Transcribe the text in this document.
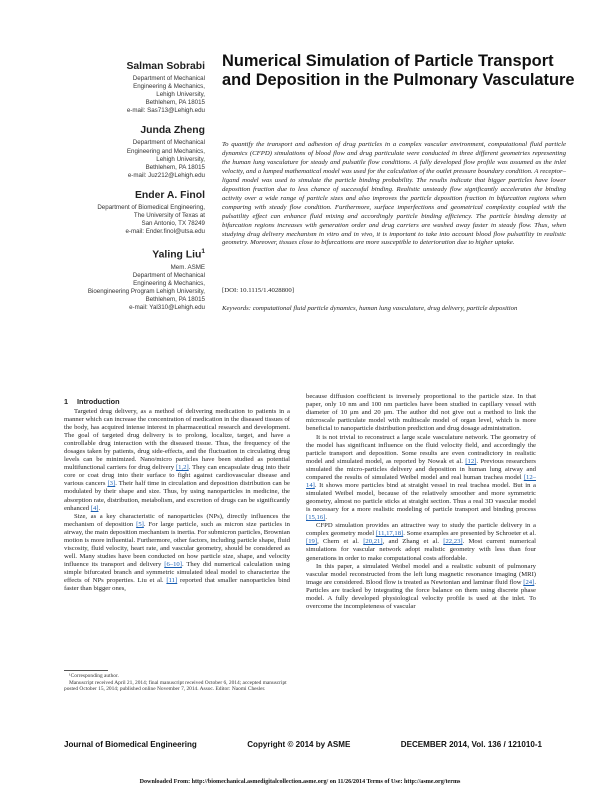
Salman Sobrabi
Department of Mechanical
Engineering & Mechanics,
Lehigh University,
Bethlehem, PA 18015
e-mail: Sas713@Lehigh.edu
Junda Zheng
Department of Mechanical
Engineering and Mechanics,
Lehigh University,
Bethlehem, PA 18015
e-mail: Juz212@Lehigh.edu
Ender A. Finol
Department of Biomedical Engineering,
The University of Texas at
San Antonio, TX 78249
e-mail: Ender.finol@utsa.edu
Yaling Liu$^1$
Mem. ASME
Department of Mechanical
Engineering & Mechanics,
Bioengineering Program Lehigh University,
Bethlehem, PA 18015
e-mail: Yal310@Lehigh.edu
Numerical Simulation of Particle Transport and Deposition in the Pulmonary Vasculature
To quantify the transport and adhesion of drug particles in a complex vascular environment, computational fluid particle dynamics (CFPD) simulations of blood flow and drug particulate were conducted in three different geometries representing the human lung vasculature for steady and pulsatile flow conditions. A fully developed flow profile was assumed as the inlet velocity, and a lumped mathematical model was used for the calculation of the outlet pressure boundary condition. A receptor–ligand model was used to simulate the particle binding probability. The results indicate that bigger particles have lower deposition fraction due to less chance of successful binding. Realistic unsteady flow significantly accelerates the binding activity over a wide range of particle sizes and also improves the particle deposition fraction in bifurcation regions when comparing with steady flow condition. Furthermore, surface imperfections and geometrical complexity coupled with the pulsatility effect can enhance fluid mixing and accordingly particle binding efficiency. The particle binding density at bifurcation regions increases with generation order and drug carriers are washed away faster in steady flow. Thus, when studying drug delivery mechanism in vitro and in vivo, it is important to take into account blood flow pulsatility in realistic geometry. Moreover, tissues close to bifurcations are more susceptible to deterioration due to higher uptake.
[DOI: 10.1115/1.4028800]
Keywords: computational fluid particle dynamics, human lung vasculature, drug delivery, particle deposition
1 Introduction

Targeted drug delivery, as a method of delivering medication to patients in a manner which can increase the concentration of medication in the diseased tissues of the body, has acquired intense interest in pharmaceutical research and development. The goal of targeted drug delivery is to prolong, localize, target, and have a controllable drug interaction with the diseased tissue. Thus, the frequency of the dosages taken by patients, drug side-effects, and the fluctuation in circulating drug levels can be minimized. Nano/micro particles have been studied as potential multifunctional carriers for drug delivery [1,2]. They can encapsulate drug into their core or coat drug into their surface to fight against cardiovascular disease and various cancers [3]. Their half time in circulation and deposition distribution can be modulated by their shape and size. Thus, by using nanoparticles in medicine, the absorption rate, distribution, metabolism, and excretion of drugs can be significantly enhanced [4].

Size, as a key characteristic of nanoparticles (NPs), directly influences the mechanism of deposition [5]. For large particle, such as micron size particles in airway, the main deposition mechanism is inertia. For submicron particles, Brownian motion is more influential. Furthermore, other factors, including particle shape, fluid viscosity, fluid velocity, heart rate, and vascular geometry, should be considered as well. Many studies have been conducted on how particle size, shape, and velocity influence its transport and delivery [6–10]. They did numerical calculation using simple bifurcated branch and symmetric simulated ideal model to characterize the effects of NPs properties. Liu et al. [11] reported that smaller nanoparticles bind faster than bigger ones,

¹Corresponding author.
Manuscript received April 21, 2014; final manuscript received October 6, 2014; accepted manuscript posted October 15, 2014; published online November 7, 2014. Assoc. Editor: Naomi Chesler.

because diffusion coefficient is inversely proportional to the particle size. In that paper, only 10 nm and 100 nm particles have been studied in capillary vessel with diameter of 10 μm and 20 μm. The author did not give out a method to link the microscale particulate model with multiscale model of organ level, which is more beneficial to nanoparticle distribution prediction and drug dosage administration.

It is not trivial to reconstruct a large scale vasculature network. The geometry of the model has significant influence on the fluid velocity field, and accordingly the particle transport and deposition. Some results are even contradictory in realistic model and simulated model, as reported by Nowak et al. [12]. Previous researchers simulated the micro-particles delivery and deposition in human lung airway and compared the results of simulated Weibel model and real human trachea model [12–14]. It shows more particles bind at straight vessel in real trachea model. But in a simulated Weibel model, because of the relatively smoother and more symmetric geometry, almost no particle sticks at straight section. Thus a real 3D vascular model is necessary for a more realistic modeling of particle transport and binding process [15,16].

CFPD simulation provides an attractive way to study the particle delivery in a complex geometry model [11,17,18]. Some examples are presented by Schroeter et al. [19], Chern et al. [20,21], and Zhang et al. [22,23]. Most current numerical simulations for vascular network adopt realistic geometry with less than four generations in order to make computational costs affordable.

In this paper, a simulated Weibel model and a realistic subunit of pulmonary vascular model reconstructed from the left lung magnetic resonance imaging (MRI) image are considered. Blood flow is treated as Newtonian and laminar fluid flow [24]. Particles are tracked by integrating the force balance on them using discrete phase model. A fully developed physiological velocity profile is used at the inlet. To overcome the incompleteness of vascular

Journal of Biomedical Engineering	Copyright © 2014 by ASME	DECEMBER 2014, Vol. 136 / 121010-1
Downloaded From: http://biomechanical.asmedigitalcollection.asme.org/ on 11/26/2014 Terms of Use: http://asme.org/terms
